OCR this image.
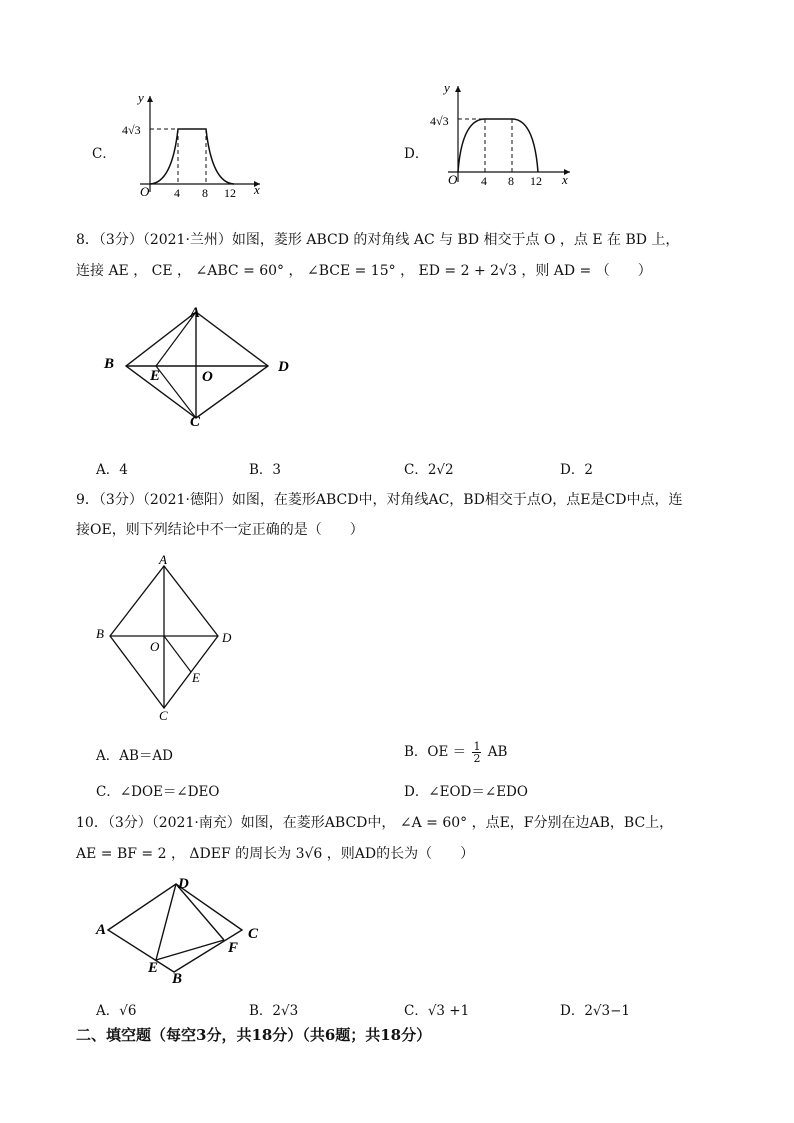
C．
y
x
O
4√3
4 8 12
D．
y
x
O
4√3
4 8 12
8．（3分）（2021·兰州）如图，菱形 ABCD 的对角线 AC 与 BD 相交于点 O ，点 E 在 BD 上，
连接 AE ， CE ， ∠ABC = 60° ， ∠BCE = 15° ， ED = 2 + 2√3 ，则 AD = （　　）
A
B	D
C
E	O
A．4	B．3	C．2√2	D．2
9．（3分）（2021·德阳）如图，在菱形ABCD中，对角线AC，BD相交于点O，点E是CD中点，连
接OE，则下列结论中不一定正确的是（　　）
A
B	D
C
O
E
A．AB＝AD	B．OE ＝ $\frac{1}{2}$ AB
C．∠DOE＝∠DEO	D．∠EOD＝∠EDO
10．（3分）（2021·南充）如图，在菱形ABCD中， ∠A = 60° ，点E，F分别在边AB，BC上，
AE = BF = 2 ， ΔDEF 的周长为 3√6 ，则AD的长为（　　）
D
A	C
F
E
B
A．√6	B．2√3	C．√3 +1	D．2√3−1
二、填空题（每空3分，共18分）（共6题；共18分）
